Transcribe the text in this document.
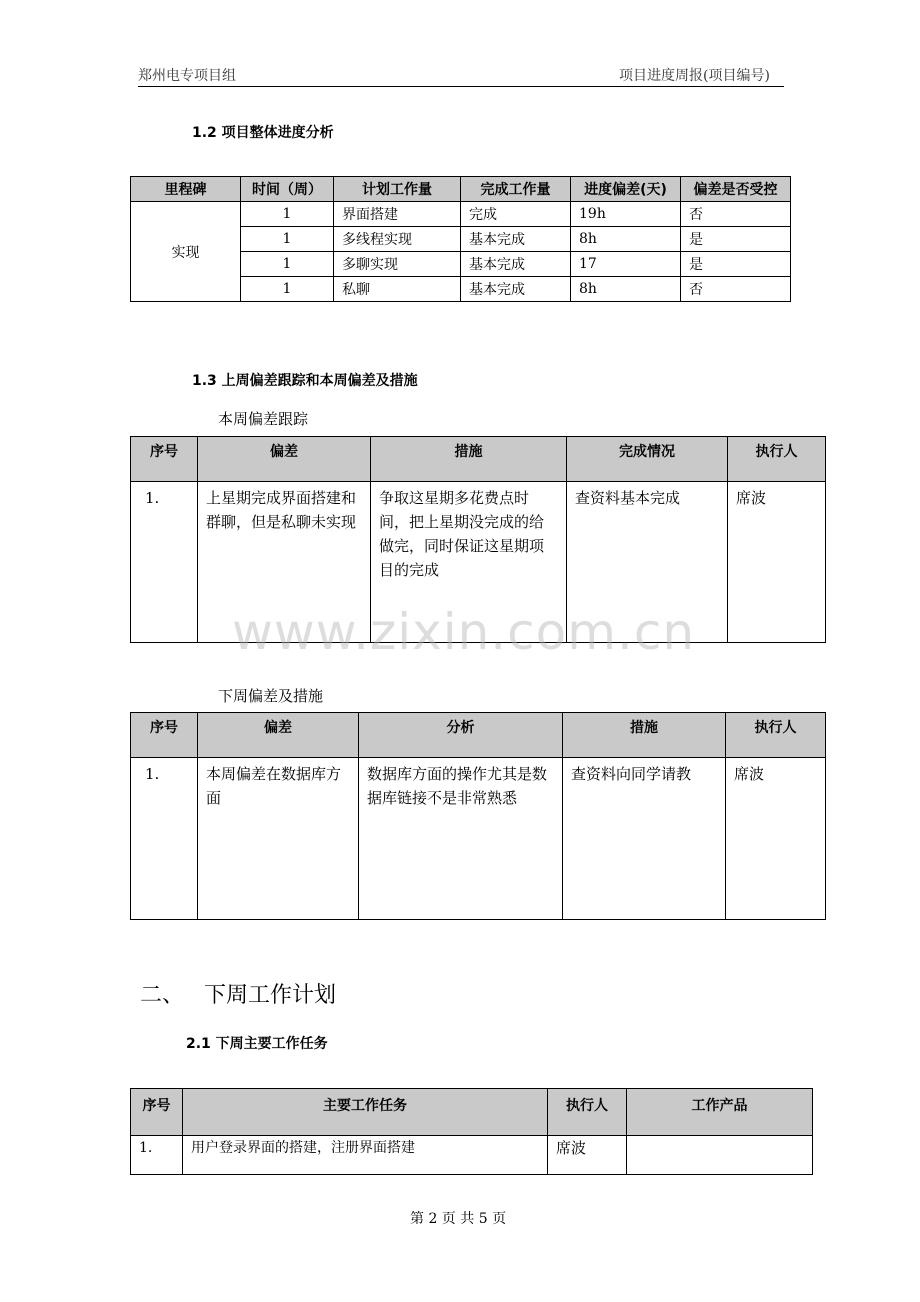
郑州电专项目组	项目进度周报(项目编号)
1.2 项目整体进度分析
里程碑	时间（周）	计划工作量	完成工作量	进度偏差(天)	偏差是否受控
实现	1	界面搭建	完成	19h	否
	1	多线程实现	基本完成	8h	是
	1	多聊实现	基本完成	17	是
	1	私聊	基本完成	8h	否
1.3 上周偏差跟踪和本周偏差及措施
本周偏差跟踪
序号	偏差	措施	完成情况	执行人
1.	上星期完成界面搭建和群聊，但是私聊未实现	争取这星期多花费点时间，把上星期没完成的给做完，同时保证这星期项目的完成	查资料基本完成	席波
www.zixin.com.cn
下周偏差及措施
序号	偏差	分析	措施	执行人
1.	本周偏差在数据库方面	数据库方面的操作尤其是数据库链接不是非常熟悉	查资料向同学请教	席波
二、 下周工作计划
2.1 下周主要工作任务
序号	主要工作任务	执行人	工作产品
1.	用户登录界面的搭建，注册界面搭建	席波	
第 2 页 共 5 页
